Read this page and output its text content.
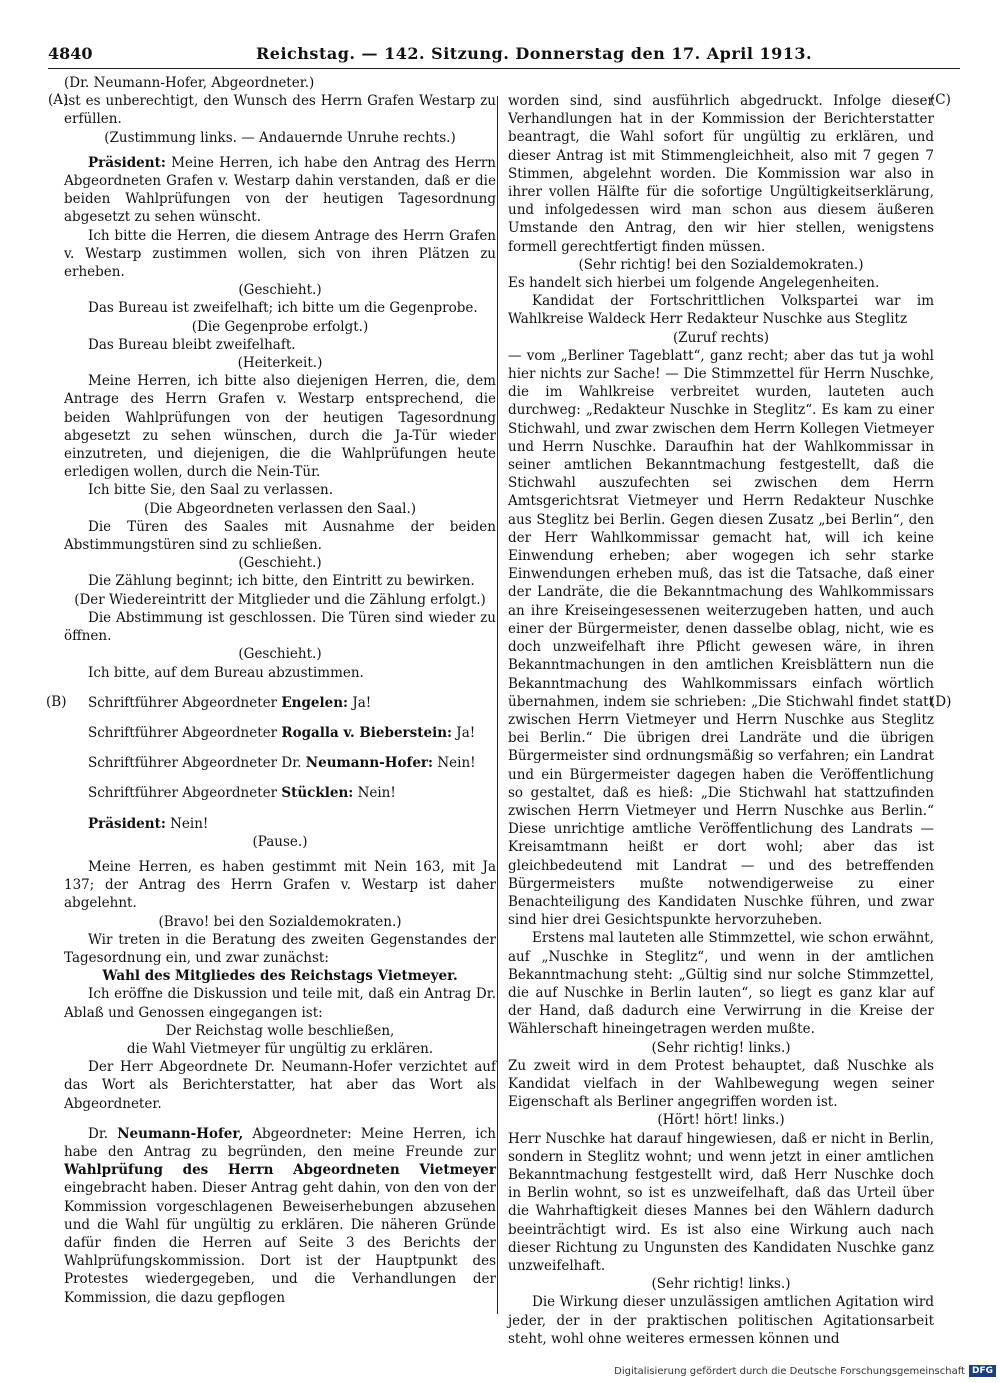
4840	Reichstag. — 142. Sitzung. Donnerstag den 17. April 1913.
(A)
(B)
(C)
(D)

(Dr. Neumann-Hofer, Abgeordneter.)

ist es unberechtigt, den Wunsch des Herrn Grafen Westarp zu erfüllen.

(Zustimmung links. — Andauernde Unruhe rechts.)

Präsident: Meine Herren, ich habe den Antrag des Herrn Abgeordneten Grafen v. Westarp dahin verstanden, daß er die beiden Wahlprüfungen von der heutigen Tagesordnung abgesetzt zu sehen wünscht.

Ich bitte die Herren, die diesem Antrage des Herrn Grafen v. Westarp zustimmen wollen, sich von ihren Plätzen zu erheben.

(Geschieht.)

Das Bureau ist zweifelhaft; ich bitte um die Gegenprobe.

(Die Gegenprobe erfolgt.)

Das Bureau bleibt zweifelhaft.

(Heiterkeit.)

Meine Herren, ich bitte also diejenigen Herren, die, dem Antrage des Herrn Grafen v. Westarp entsprechend, die beiden Wahlprüfungen von der heutigen Tagesordnung abgesetzt zu sehen wünschen, durch die Ja-Tür wieder einzutreten, und diejenigen, die die Wahlprüfungen heute erledigen wollen, durch die Nein-Tür.

Ich bitte Sie, den Saal zu verlassen.

(Die Abgeordneten verlassen den Saal.)

Die Türen des Saales mit Ausnahme der beiden Abstimmungstüren sind zu schließen.

(Geschieht.)

Die Zählung beginnt; ich bitte, den Eintritt zu bewirken.

(Der Wiedereintritt der Mitglieder und die Zählung erfolgt.)

Die Abstimmung ist geschlossen. Die Türen sind wieder zu öffnen.

(Geschieht.)

Ich bitte, auf dem Bureau abzustimmen.

Schriftführer Abgeordneter Engelen: Ja!

Schriftführer Abgeordneter Rogalla v. Bieberstein: Ja!

Schriftführer Abgeordneter Dr. Neumann-Hofer: Nein!

Schriftführer Abgeordneter Stücklen: Nein!

Präsident: Nein!

(Pause.)

Meine Herren, es haben gestimmt mit Nein 163, mit Ja 137; der Antrag des Herrn Grafen v. Westarp ist daher abgelehnt.

(Bravo! bei den Sozialdemokraten.)

Wir treten in die Beratung des zweiten Gegenstandes der Tagesordnung ein, und zwar zunächst:

Wahl des Mitgliedes des Reichstags Vietmeyer.

Ich eröffne die Diskussion und teile mit, daß ein Antrag Dr. Ablaß und Genossen eingegangen ist:

Der Reichstag wolle beschließen,

die Wahl Vietmeyer für ungültig zu erklären.

Der Herr Abgeordnete Dr. Neumann-Hofer verzichtet auf das Wort als Berichterstatter, hat aber das Wort als Abgeordneter.

Dr. Neumann-Hofer, Abgeordneter: Meine Herren, ich habe den Antrag zu begründen, den meine Freunde zur Wahlprüfung des Herrn Abgeordneten Vietmeyer eingebracht haben. Dieser Antrag geht dahin, von den von der Kommission vorgeschlagenen Beweiserhebungen abzusehen und die Wahl für ungültig zu erklären. Die näheren Gründe dafür finden die Herren auf Seite 3 des Berichts der Wahlprüfungskommission. Dort ist der Hauptpunkt des Protestes wiedergegeben, und die Verhandlungen der Kommission, die dazu gepflogen

worden sind, sind ausführlich abgedruckt. Infolge dieser Verhandlungen hat in der Kommission der Berichterstatter beantragt, die Wahl sofort für ungültig zu erklären, und dieser Antrag ist mit Stimmengleichheit, also mit 7 gegen 7 Stimmen, abgelehnt worden. Die Kommission war also in ihrer vollen Hälfte für die sofortige Ungültigkeitserklärung, und infolgedessen wird man schon aus diesem äußeren Umstande den Antrag, den wir hier stellen, wenigstens formell gerechtfertigt finden müssen.

(Sehr richtig! bei den Sozialdemokraten.)

Es handelt sich hierbei um folgende Angelegenheiten.

Kandidat der Fortschrittlichen Volkspartei war im Wahlkreise Waldeck Herr Redakteur Nuschke aus Steglitz

(Zuruf rechts)

— vom „Berliner Tageblatt“, ganz recht; aber das tut ja wohl hier nichts zur Sache! — Die Stimmzettel für Herrn Nuschke, die im Wahlkreise verbreitet wurden, lauteten auch durchweg: „Redakteur Nuschke in Steglitz“. Es kam zu einer Stichwahl, und zwar zwischen dem Herrn Kollegen Vietmeyer und Herrn Nuschke. Daraufhin hat der Wahlkommissar in seiner amtlichen Bekanntmachung festgestellt, daß die Stichwahl auszufechten sei zwischen dem Herrn Amtsgerichtsrat Vietmeyer und Herrn Redakteur Nuschke aus Steglitz bei Berlin. Gegen diesen Zusatz „bei Berlin“, den der Herr Wahlkommissar gemacht hat, will ich keine Einwendung erheben; aber wogegen ich sehr starke Einwendungen erheben muß, das ist die Tatsache, daß einer der Landräte, die die Bekanntmachung des Wahlkommissars an ihre Kreiseingesessenen weiterzugeben hatten, und auch einer der Bürgermeister, denen dasselbe oblag, nicht, wie es doch unzweifelhaft ihre Pflicht gewesen wäre, in ihren Bekanntmachungen in den amtlichen Kreisblättern nun die Bekanntmachung des Wahlkommissars einfach wörtlich übernahmen, indem sie schrieben: „Die Stichwahl findet statt zwischen Herrn Vietmeyer und Herrn Nuschke aus Steglitz bei Berlin.“ Die übrigen drei Landräte und die übrigen Bürgermeister sind ordnungsmäßig so verfahren; ein Landrat und ein Bürgermeister dagegen haben die Veröffentlichung so gestaltet, daß es hieß: „Die Stichwahl hat stattzufinden zwischen Herrn Vietmeyer und Herrn Nuschke aus Berlin.“ Diese unrichtige amtliche Veröffentlichung des Landrats — Kreisamtmann heißt er dort wohl; aber das ist gleichbedeutend mit Landrat — und des betreffenden Bürgermeisters mußte notwendigerweise zu einer Benachteiligung des Kandidaten Nuschke führen, und zwar sind hier drei Gesichtspunkte hervorzuheben.

Erstens mal lauteten alle Stimmzettel, wie schon erwähnt, auf „Nuschke in Steglitz“, und wenn in der amtlichen Bekanntmachung steht: „Gültig sind nur solche Stimmzettel, die auf Nuschke in Berlin lauten“, so liegt es ganz klar auf der Hand, daß dadurch eine Verwirrung in die Kreise der Wählerschaft hineingetragen werden mußte.

(Sehr richtig! links.)

Zu zweit wird in dem Protest behauptet, daß Nuschke als Kandidat vielfach in der Wahlbewegung wegen seiner Eigenschaft als Berliner angegriffen worden ist.

(Hört! hört! links.)

Herr Nuschke hat darauf hingewiesen, daß er nicht in Berlin, sondern in Steglitz wohnt; und wenn jetzt in einer amtlichen Bekanntmachung festgestellt wird, daß Herr Nuschke doch in Berlin wohnt, so ist es unzweifelhaft, daß das Urteil über die Wahrhaftigkeit dieses Mannes bei den Wählern dadurch beeinträchtigt wird. Es ist also eine Wirkung auch nach dieser Richtung zu Ungunsten des Kandidaten Nuschke ganz unzweifelhaft.

(Sehr richtig! links.)

Die Wirkung dieser unzulässigen amtlichen Agitation wird jeder, der in der praktischen politischen Agitationsarbeit steht, wohl ohne weiteres ermessen können und

Digitalisierung gefördert durch die Deutsche Forschungsgemeinschaft DFG
